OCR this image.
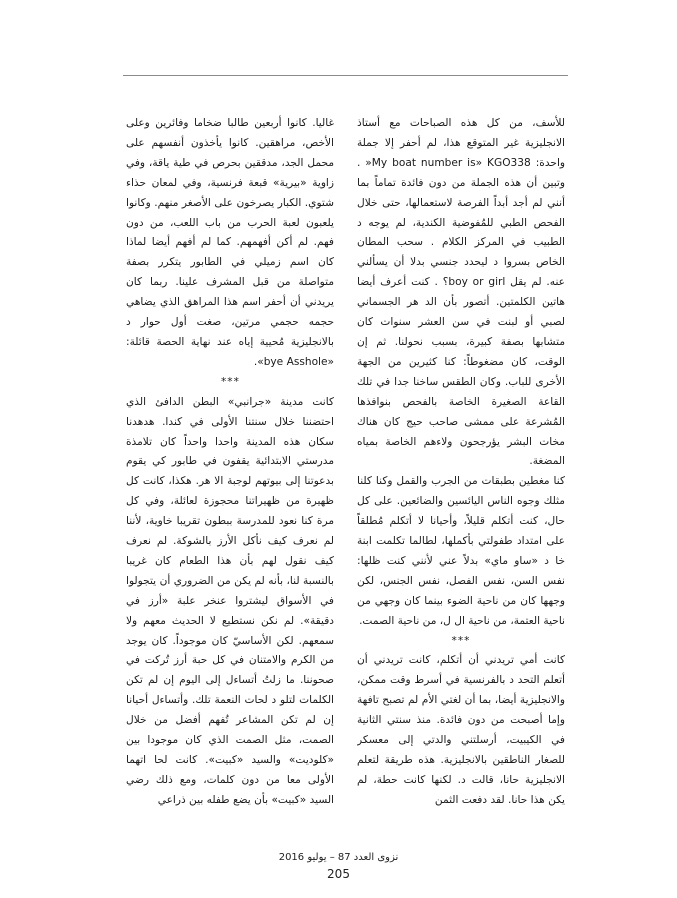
للأسف، من كل هذه الصباحات مع أستاذ الانجليزية غير المتوقع هذا، لم أحفر إلا جملة واحدة: My boat number is» KGO338« . وتبين أن هذه الجملة من دون فائدة تماماً بما أنني لم أجد أبداً الفرصة لاستعمالها، حتى خلال الفحص الطبي للمُفوضية الكندية، لم يوجه د الطبيب في المركز الكلام . سحب المطان الخاص بسروا د ليحدد جنسي بدلا أن يسألني عنه. لم يقل boy or girl؟ . كنت أعرف أيضا هاتين الكلمتين. أتصور بأن الد هر الجسماني لصبي أو لبنت في سن العشر سنوات كان متشابها بصفة كبيرة، بسبب نحولنا. ثم إن الوقت، كان مضغوطاً: كنا كثيرين من الجهة الأخرى للباب. وكان الطقس ساخنا جدا في تلك القاعة الصغيرة الخاصة بالفحص بنوافذها المُشرعة على ممشى صاحب حيج كان هناك مخات البشر يؤرجحون ولاءهم الخاصة بمياه المضغة.

كنا مغطين بطبقات من الجرب والقمل وكنا كلنا مثلك وجوه الناس اليائسين والضائعين. على كل حال، كنت أتكلم قليلاً، وأحيانا لا أتكلم مُطلقاً على امتداد طفولتي بأكملها، لطالما تكلمت ابنة خا د «ساو ماي» بدلاً عني لأنني كنت ظلها: نفس السن، نفس الفصل، نفس الجنس، لكن وجهها كان من ناحية الضوء بينما كان وجهي من ناحية العتمة، من ناحية ال ل، من ناحية الصمت.

***

كانت أمي تريدني أن أتكلم، كانت تريدني أن أتعلم التحد د بالفرنسية في أسرط وقت ممكن، والانجليزية أيضا، بما أن لغتي الأم لم تصبح تافهة وإما أصبحت من دون فائدة. منذ سنتي الثانية في الكيبيت، أرسلتني والدتي إلى معسكر للصغار الناطقين بالانجليزية. هذه طريقة لتعلم الانجليزية حانا، قالت د. لكنها كانت حطة، لم يكن هذا حانا. لقد دفعت الثمن

غاليا. كانوا أربعين طالبا ضخاما وفائرين وعلى الأخص، مراهقين. كانوا يأخذون أنفسهم على محمل الجد، مدققين بحرص في طية ياقة، وفي زاوية «بيرية» قبعة فرنسية، وفي لمعان حذاء شتوي. الكبار يصرخون على الأصغر منهم. وكانوا يلعبون لعبة الحرب من باب اللعب، من دون فهم. لم أكن أفهمهم. كما لم أفهم أيضا لماذا كان اسم زميلي في الطابور يتكرر بصفة متواصلة من قبل المشرف علينا. ربما كان يريدني أن أحفر اسم هذا المراهق الذي يضاهي حجمه حجمي مرتين، صغت أول حوار د بالانجليزية مُحيية إياه عند نهاية الحصة قائلة: «bye Asshole».

***

كانت مدينة «جرانبي» البطن الدافئ الذي احتضننا خلال سنتنا الأولى في كندا. هدهدنا سكان هذه المدينة واحدا واحداً كان تلامذة مدرستي الابتدائية يقفون في طابور كي يقوم بدعوتنا إلى بيوتهم لوجبة الا هر. هكذا، كانت كل ظهيرة من ظهيراتنا محجوزة لعائلة، وفي كل مرة كنا نعود للمدرسة ببطون تقريبا خاوية، لأننا لم نعرف كيف نأكل الأرز بالشوكة. لم نعرف كيف نقول لهم بأن هذا الطعام كان غريبا بالنسبة لنا، بأنه لم يكن من الضروري أن يتجولوا في الأسواق ليشتروا عنخر علبة «أرز في دقيقة». لم نكن نستطيع لا الحديث معهم ولا سمعهم. لكن الأساسيّ كان موجوداً. كان يوجد من الكرم والامتنان في كل حبة أرز تُركت في صحوننا. ما زلتُ أتساءل إلى اليوم إن لم تكن الكلمات لتلو د لحات النعمة تلك. وأتساءل أحيانا إن لم تكن المشاعر تُفهم أفضل من خلال الصمت، مثل الصمت الذي كان موجودا بين «كلوديت» والسيد «كبيت». كانت لحا اتهما الأولى معا من دون كلمات، ومع ذلك رضي السيد «كبيت» بأن يضع طفله بين ذراعي

نزوى العدد 87 – يوليو 2016
205
